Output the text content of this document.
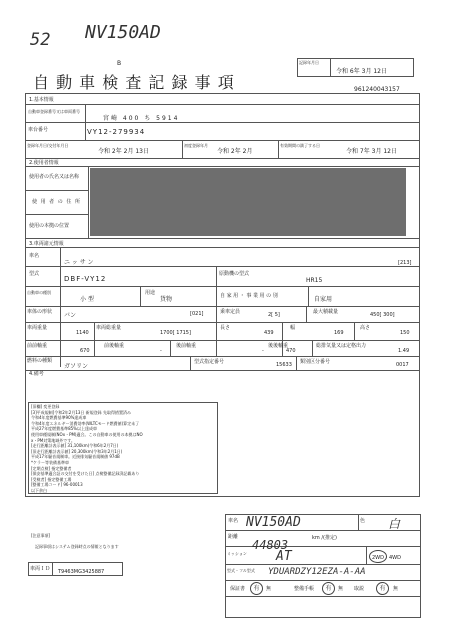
52 NV150AD
記録年月日
令和 6年 3月 12日
B
自 動 車 検 査 記 録 事 項	961240043157
1.基本情報
自動車登録番号又は車両番号
宮崎 400 ち 5914
車台番号	VY12-279934
登録年月日/交付年月日
令和 2年 2月 13日
初度登録年月
令和 2年 2月
有効期間の満了する日
令和 7年 3月 12日
2.使用者情報
使用者の氏名又は名称
使 用 者 の 住 所
使用の本拠の位置
3.車両諸元情報
車名
ニッサン	[213]
型式
DBF-VY12
原動機の型式
HR15
自動車の種別
小 型
用途
貨物	自 家 用 ・ 事 業 用 の 別	自家用
車体の形状 バン	[021]	乗車定員	2[ 5]	最大積載量	450[ 300]
車両重量
1140
車両総重量
1700[ 1715]
長さ
439
幅
169
高さ
150
前前軸重
670
前後軸重
-
後前軸重
-
後後軸重
470
総排気量又は定格出力
1.49
燃料の種類
ガソリン
型式指定番号	15633 類別区分番号	0017
4.備考
[旧欄] 変更登録
[3]平成規制]令和2年2月13日 新規登録 先取得措置済み
令和4年度燃費基準90%達成車
令和4年度エネルギー消費効率(WLTCモード燃費値)算定未了
平成27年度燃費基準85%以上達成車
使用車種規制(NOx・PM)適合。この自動車の使用の本拠はNO
x・PM対策地域外です。
[走行距離計表示値] 31,100km(令和6年2月7日)
[旧走行距離計表示値] 20,300km(令和3年2月1日)
平成17年騒音規制車。近接排気騒音規制値 97dB
*ケラー等装備基準車
[定期点検] 指定整備者
[保安基準適合証の交付を受けた日] 点検整備記録済記載あり
[受検者] 指定整備工場
[整備工場コード] 96-00013
以下余白
[注意事項]
記録事項はシステム登録時点の情報となります
車両ＩＤ T9463MG3425887
車名 NV150AD	色 白
距離	km /(推定)
44803
ミッション AT	2WD・4WD
型式・フル型式 YDUARDZY12EZA-A-AA
保証書	有	無	整備手帳	有	無 取説	有	無
